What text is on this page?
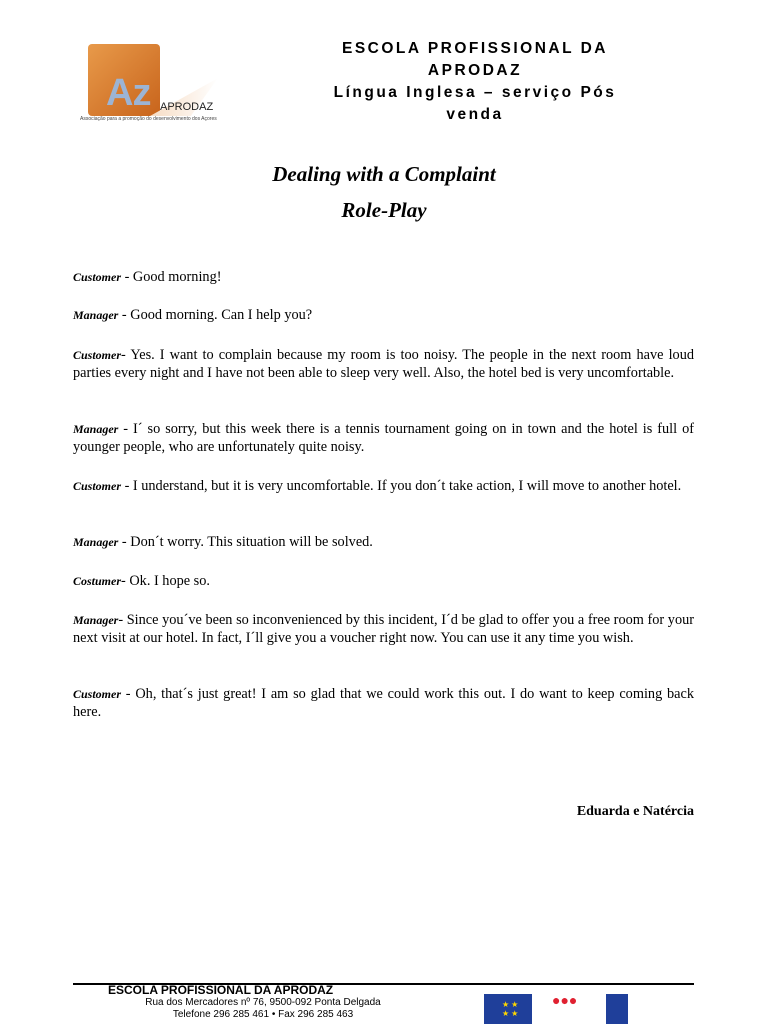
Az APRODAZ
Associação para a promoção do desenvolvimento dos Açores
ESCOLA PROFISSIONAL DA
APRODAZ
Língua Inglesa – serviço Pós
venda
Dealing with a Complaint
Role-Play
Customer - Good morning!
Manager - Good morning. Can I help you?
Customer- Yes. I want to complain because my room is too noisy. The people in the next room have loud parties every night and I have not been able to sleep very well. Also, the hotel bed is very uncomfortable.
Manager - I´ so sorry, but this week there is a tennis tournament going on in town and the hotel is full of younger people, who are unfortunately quite noisy.
Customer - I understand, but it is very uncomfortable. If you don´t take action, I will move to another hotel.
Manager - Don´t worry. This situation will be solved.
Costumer- Ok. I hope so.
Manager- Since you´ve been so inconvenienced by this incident, I´d be glad to offer you a free room for your next visit at our hotel. In fact, I´ll give you a voucher right now. You can use it any time you wish.
Customer - Oh, that´s just great! I am so glad that we could work this out. I do want to keep coming back here.
Eduarda e Natércia
ESCOLA PROFISSIONAL DA APRODAZ
Rua dos Mercadores nº 76, 9500-092 Ponta Delgada
Telefone 296 285 461 • Fax 296 285 463
★ ★
★ ★
●●●
